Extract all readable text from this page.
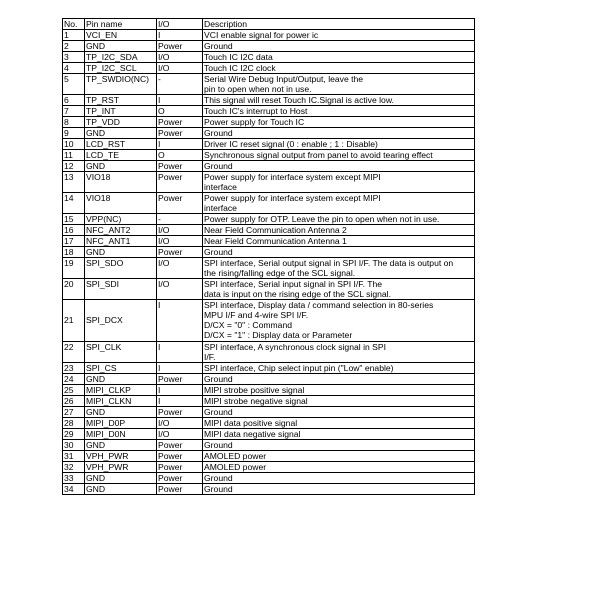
No.	Pin name	I/O	Description
1	VCI_EN	I	VCI enable signal for power ic
2	GND	Power	Ground
3	TP_I2C_SDA	I/O	Touch IC I2C data
4	TP_I2C_SCL	I/O	Touch IC I2C clock
5	TP_SWDIO(NC)	-	Serial Wire Debug Input/Output, leave the
pin to open when not in use.
6	TP_RST	I	This signal will reset Touch IC.Signal is active low.
7	TP_INT	O	Touch IC's interrupt to Host
8	TP_VDD	Power	Power supply for Touch IC
9	GND	Power	Ground
10	LCD_RST	I	Driver IC reset signal (0 : enable ; 1 : Disable)
11	LCD_TE	O	Synchronous signal output from panel to avoid tearing effect
12	GND	Power	Ground
13	VIO18	Power	Power supply for interface system except MIPI
interface
14	VIO18	Power	Power supply for interface system except MIPI
interface
15	VPP(NC)	-	Power supply for OTP. Leave the pin to open when not in use.
16	NFC_ANT2	I/O	Near Field Communication Antenna 2
17	NFC_ANT1	I/O	Near Field Communication Antenna 1
18	GND	Power	Ground
19	SPI_SDO	I/O	SPI interface, Serial output signal in SPI I/F. The data is output on
the rising/falling edge of the SCL signal.
20	SPI_SDI	I/O	SPI interface, Serial input signal in SPI I/F. The
data is input on the rising edge of the SCL signal.
21	SPI_DCX	I	SPI interface, Display data / command selection in 80-series
MPU I/F and 4-wire SPI I/F.
D/CX = "0" : Command
D/CX = "1" : Display data or Parameter
22	SPI_CLK	I	SPI interface, A synchronous clock signal in SPI
I/F.
23	SPI_CS	I	SPI interface, Chip select input pin ("Low" enable)
24	GND	Power	Ground
25	MIPI_CLKP	I	MIPI strobe positive signal
26	MIPI_CLKN	I	MIPI strobe negative signal
27	GND	Power	Ground
28	MIPI_D0P	I/O	MIPI data positive signal
29	MIPI_D0N	I/O	MIPI data negative signal
30	GND	Power	Ground
31	VPH_PWR	Power	AMOLED power
32	VPH_PWR	Power	AMOLED power
33	GND	Power	Ground
34	GND	Power	Ground
